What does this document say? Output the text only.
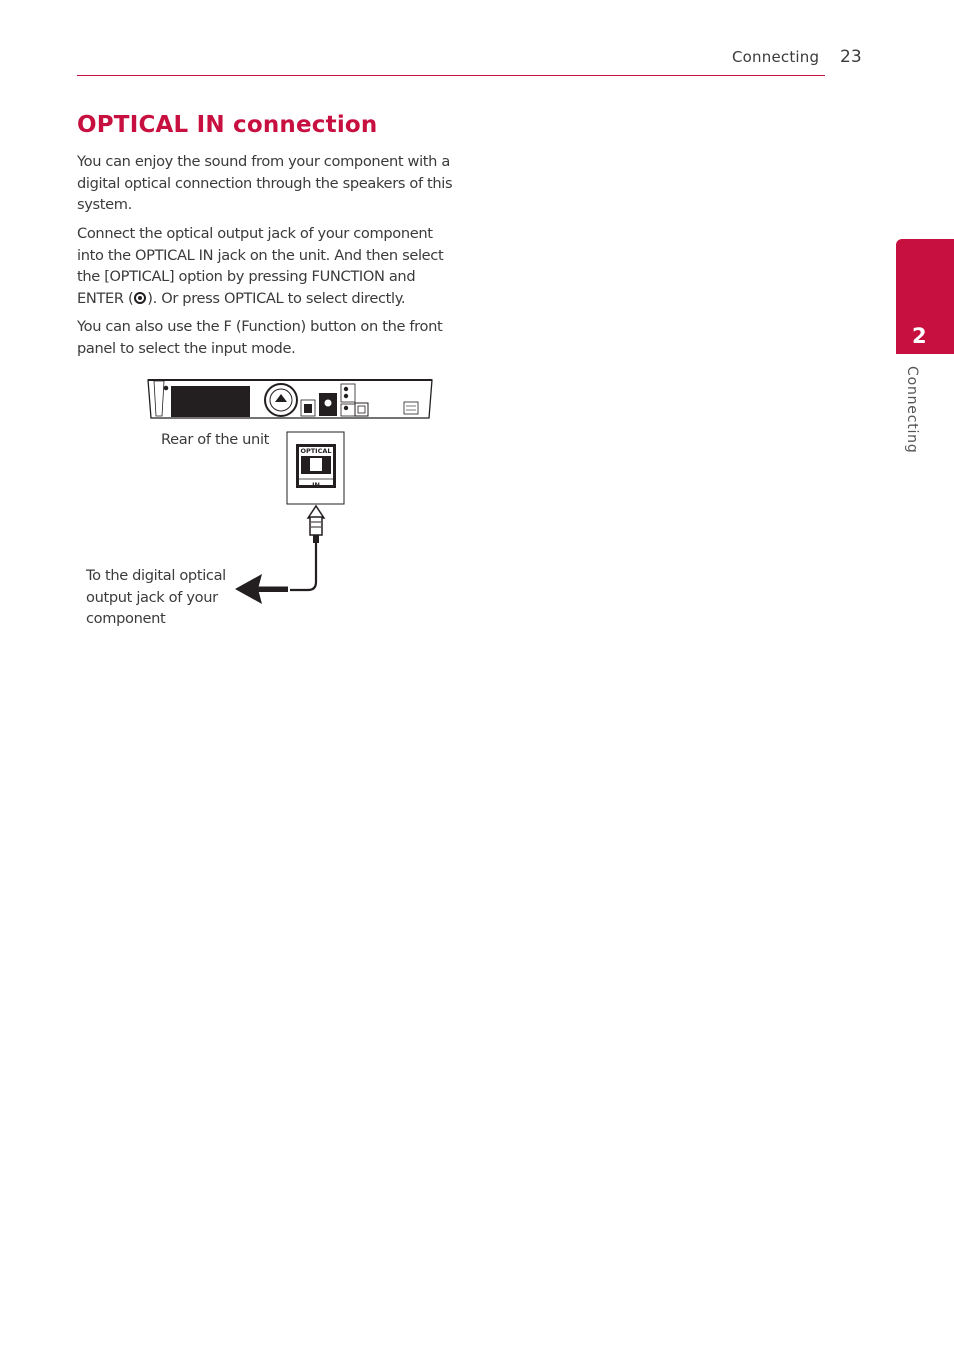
Connecting 23
OPTICAL IN connection

You can enjoy the sound from your component with a digital optical connection through the speakers of this system.

Connect the optical output jack of your component into the OPTICAL IN jack on the unit. And then select the [OPTICAL] option by pressing FUNCTION and ENTER ( ). Or press OPTICAL to select directly.

You can also use the F (Function) button on the front panel to select the input mode.

2
Connecting
OPTICAL
IN
Rear of the unit

To the digital optical output jack of your component
